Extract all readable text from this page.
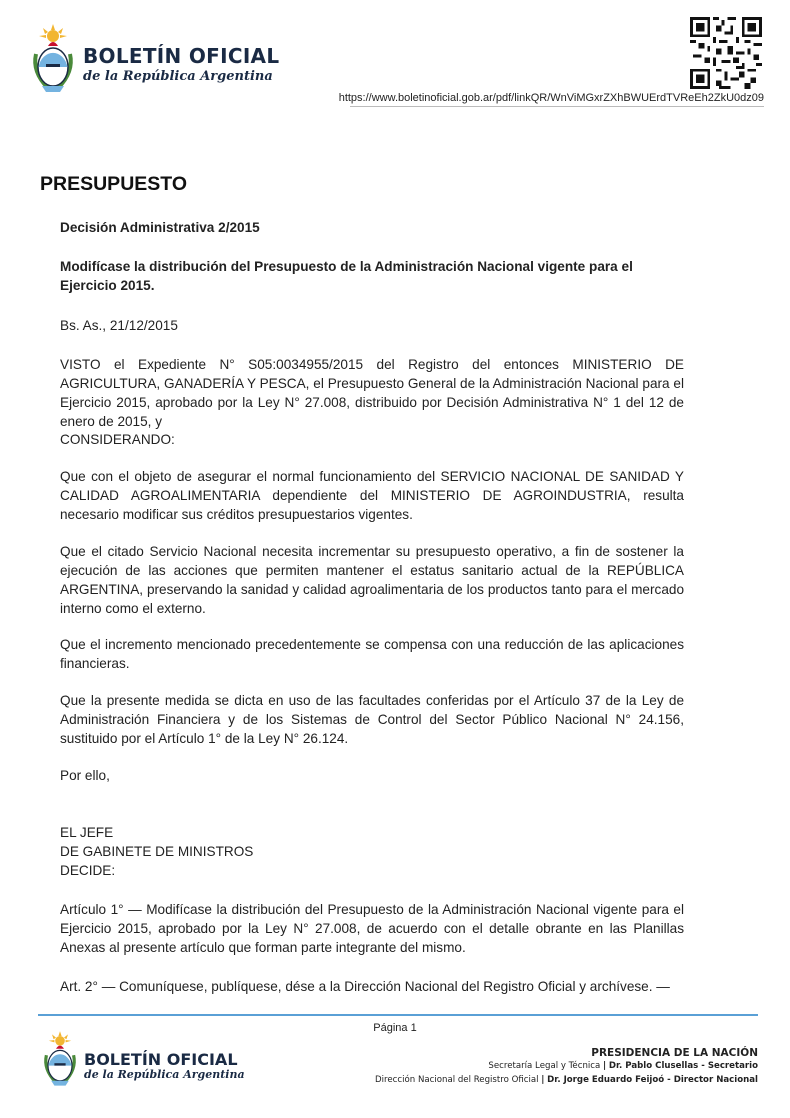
BOLETÍN OFICIAL
de la República Argentina
https://www.boletinoficial.gob.ar/pdf/linkQR/WnViMGxrZXhBWUErdTVReEh2ZkU0dz09
PRESUPUESTO
Decisión Administrativa 2/2015
Modifícase la distribución del Presupuesto de la Administración Nacional vigente para el Ejercicio 2015.
Bs. As., 21/12/2015
VISTO el Expediente N° S05:0034955/2015 del Registro del entonces MINISTERIO DE AGRICULTURA, GANADERÍA Y PESCA, el Presupuesto General de la Administración Nacional para el Ejercicio 2015, aprobado por la Ley N° 27.008, distribuido por Decisión Administrativa N° 1 del 12 de enero de 2015, y
CONSIDERANDO:
Que con el objeto de asegurar el normal funcionamiento del SERVICIO NACIONAL DE SANIDAD Y CALIDAD AGROALIMENTARIA dependiente del MINISTERIO DE AGROINDUSTRIA, resulta necesario modificar sus créditos presupuestarios vigentes.
Que el citado Servicio Nacional necesita incrementar su presupuesto operativo, a fin de sostener la ejecución de las acciones que permiten mantener el estatus sanitario actual de la REPÚBLICA ARGENTINA, preservando la sanidad y calidad agroalimentaria de los productos tanto para el mercado interno como el externo.
Que el incremento mencionado precedentemente se compensa con una reducción de las aplicaciones financieras.
Que la presente medida se dicta en uso de las facultades conferidas por el Artículo 37 de la Ley de Administración Financiera y de los Sistemas de Control del Sector Público Nacional N° 24.156, sustituido por el Artículo 1° de la Ley N° 26.124.
Por ello,
EL JEFE
DE GABINETE DE MINISTROS
DECIDE:
Artículo 1° — Modifícase la distribución del Presupuesto de la Administración Nacional vigente para el Ejercicio 2015, aprobado por la Ley N° 27.008, de acuerdo con el detalle obrante en las Planillas Anexas al presente artículo que forman parte integrante del mismo.
Art. 2° — Comuníquese, publíquese, dése a la Dirección Nacional del Registro Oficial y archívese. —
Página 1
BOLETÍN OFICIAL
de la República Argentina
PRESIDENCIA DE LA NACIÓN
Secretaría Legal y Técnica | Dr. Pablo Clusellas - Secretario
Dirección Nacional del Registro Oficial | Dr. Jorge Eduardo Feijoó - Director Nacional
